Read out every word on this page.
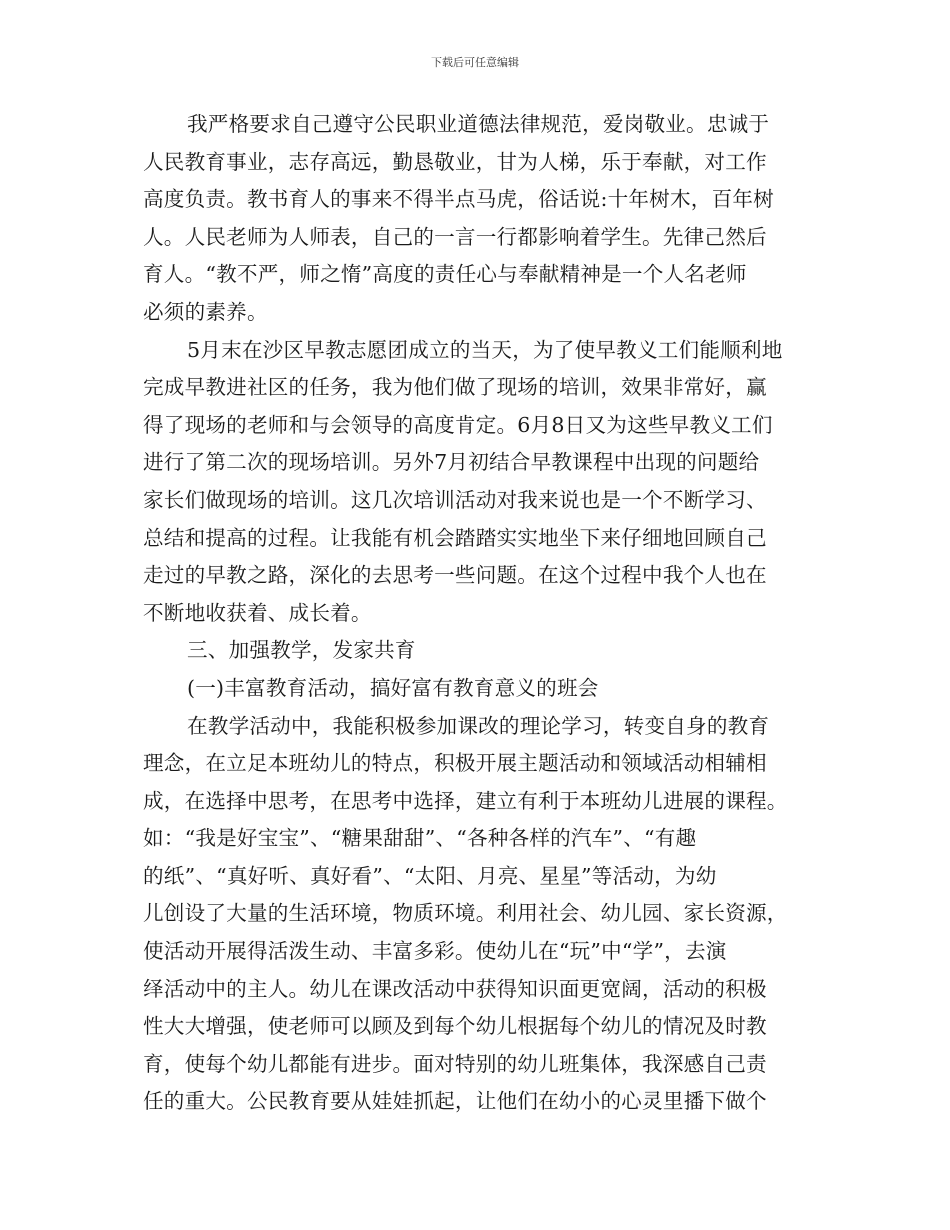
下载后可任意编辑
我严格要求自己遵守公民职业道德法律规范，爱岗敬业。忠诚于
人民教育事业，志存高远，勤恳敬业，甘为人梯，乐于奉献，对工作
高度负责。教书育人的事来不得半点马虎，俗话说:十年树木，百年树
人。人民老师为人师表，自己的一言一行都影响着学生。先律己然后
育人。“教不严，师之惰”高度的责任心与奉献精神是一个人名老师
必须的素养。
5月末在沙区早教志愿团成立的当天，为了使早教义工们能顺利地
完成早教进社区的任务，我为他们做了现场的培训，效果非常好，赢
得了现场的老师和与会领导的高度肯定。6月8日又为这些早教义工们
进行了第二次的现场培训。另外7月初结合早教课程中出现的问题给
家长们做现场的培训。这几次培训活动对我来说也是一个不断学习、
总结和提高的过程。让我能有机会踏踏实实地坐下来仔细地回顾自己
走过的早教之路，深化的去思考一些问题。在这个过程中我个人也在
不断地收获着、成长着。
三、加强教学，发家共育
(一)丰富教育活动，搞好富有教育意义的班会
在教学活动中，我能积极参加课改的理论学习，转变自身的教育
理念，在立足本班幼儿的特点，积极开展主题活动和领域活动相辅相
成，在选择中思考，在思考中选择，建立有利于本班幼儿进展的课程。
如：“我是好宝宝”、“糖果甜甜”、“各种各样的汽车”、“有趣
的纸”、“真好听、真好看”、“太阳、月亮、星星”等活动，为幼
儿创设了大量的生活环境，物质环境。利用社会、幼儿园、家长资源，
使活动开展得活泼生动、丰富多彩。使幼儿在“玩”中“学”，去演
绎活动中的主人。幼儿在课改活动中获得知识面更宽阔，活动的积极
性大大增强，使老师可以顾及到每个幼儿根据每个幼儿的情况及时教
育，使每个幼儿都能有进步。面对特别的幼儿班集体，我深感自己责
任的重大。公民教育要从娃娃抓起，让他们在幼小的心灵里播下做个
